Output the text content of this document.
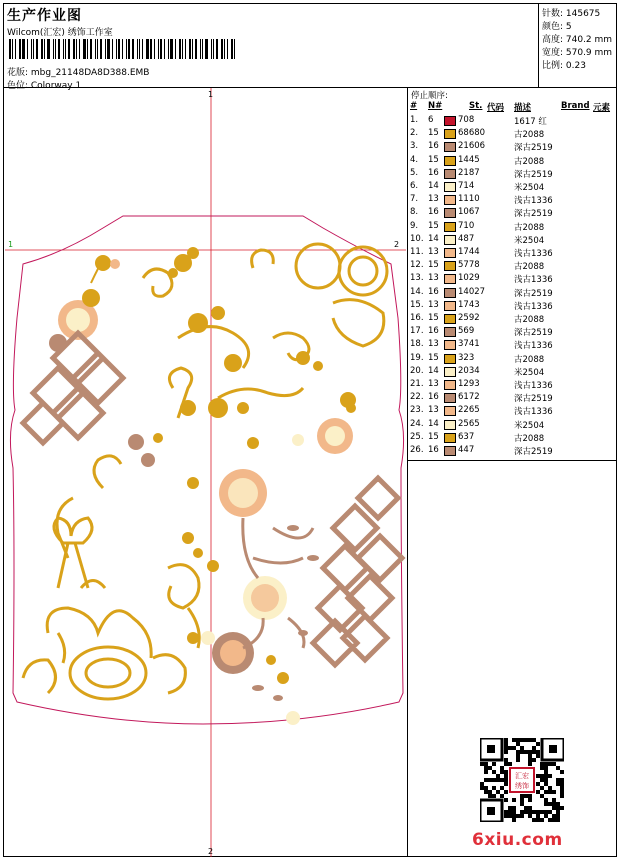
生产作业图
Wilcom(汇宏) 绣饰工作室
花版: mbg_21148DA8D388.EMB
色位: Colorway 1
针数: 145675
颜色: 5
高度: 740.2 mm
宽度: 570.9 mm
比例: 0.23
1	2
1
2
停止顺序:
# N#	St. 代码 描述	Brand 元素
1. 6	708	1617 红
2. 15 68680	古2088
3. 16 21606	深古2519
4. 15 1445	古2088
5. 16 2187	深古2519
6. 14 714	米2504
7. 13 1110	浅古1336
8. 16 1067	深古2519
9. 15 710	古2088
10. 14 487	米2504
11. 13 1744	浅古1336
12. 15 5778	古2088
13. 13 1029	浅古1336
14. 16 14027	深古2519
15. 13 1743	浅古1336
16. 15 2592	古2088
17. 16 569	深古2519
18. 13 3741	浅古1336
19. 15 323	古2088
20. 14 2034	米2504
21. 13 1293	浅古1336
22. 16 6172	深古2519
23. 13 2265	浅古1336
24. 14 2565	米2504
25. 15 637	古2088
26. 16 447	深古2519
汇宏
绣饰
6xiu.com
